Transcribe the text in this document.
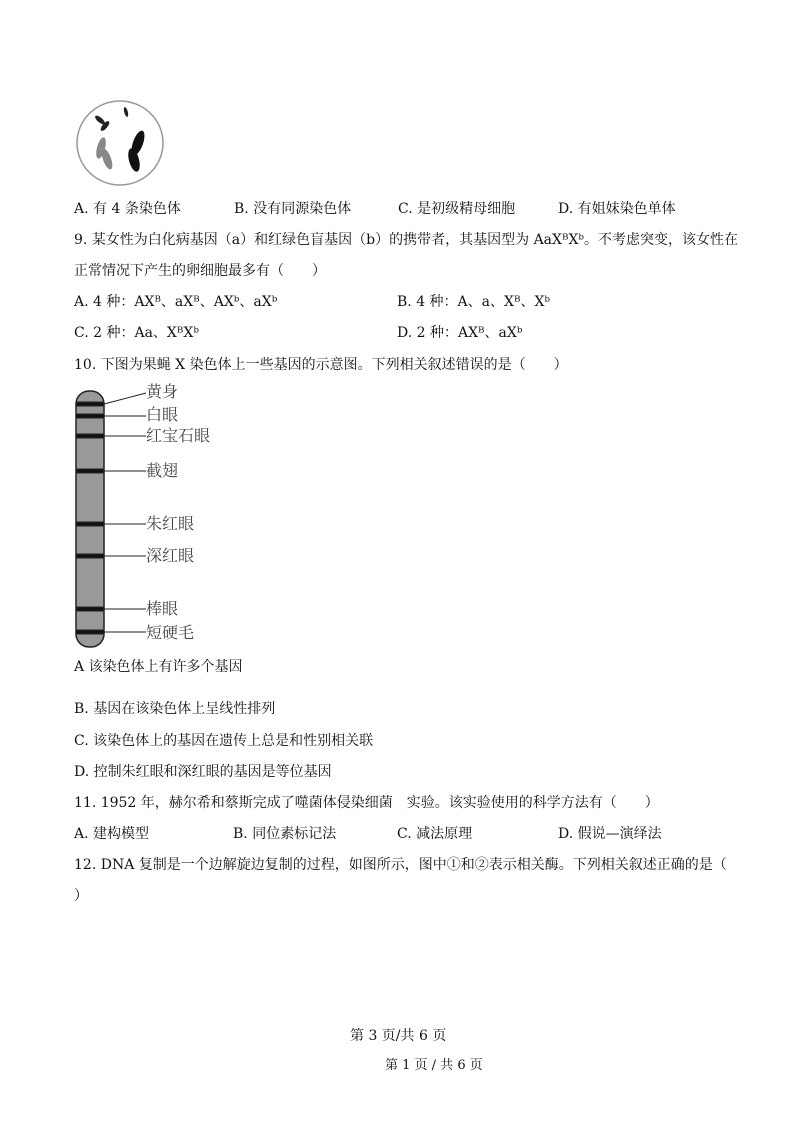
A. 有 4 条染色体	B. 没有同源染色体	C. 是初级精母细胞	D. 有姐妹染色单体
9. 某女性为白化病基因（a）和红绿色盲基因（b）的携带者，其基因型为 AaXᴮXᵇ。不考虑突变，该女性在
正常情况下产生的卵细胞最多有（　　）
A. 4 种：AXᴮ、aXᴮ、AXᵇ、aXᵇ	B. 4 种：A、a、Xᴮ、Xᵇ
C. 2 种：Aa、XᴮXᵇ	D. 2 种：AXᴮ、aXᵇ
10. 下图为果蝇 X 染色体上一些基因的示意图。下列相关叙述错误的是（　　）
黄身
白眼
红宝石眼
截翅
朱红眼
深红眼
棒眼
短硬毛
A 该染色体上有许多个基因
B. 基因在该染色体上呈线性排列
C. 该染色体上的基因在遗传上总是和性别相关联
D. 控制朱红眼和深红眼的基因是等位基因
11. 1952 年，赫尔希和蔡斯完成了噬菌体侵染细菌　实验。该实验使用的科学方法有（　　）
A. 建构模型	B. 同位素标记法	C. 减法原理	D. 假说—演绎法
12. DNA 复制是一个边解旋边复制的过程，如图所示，图中①和②表示相关酶。下列相关叙述正确的是（
）
第 3 页/共 6 页
第 1 页 / 共 6 页
